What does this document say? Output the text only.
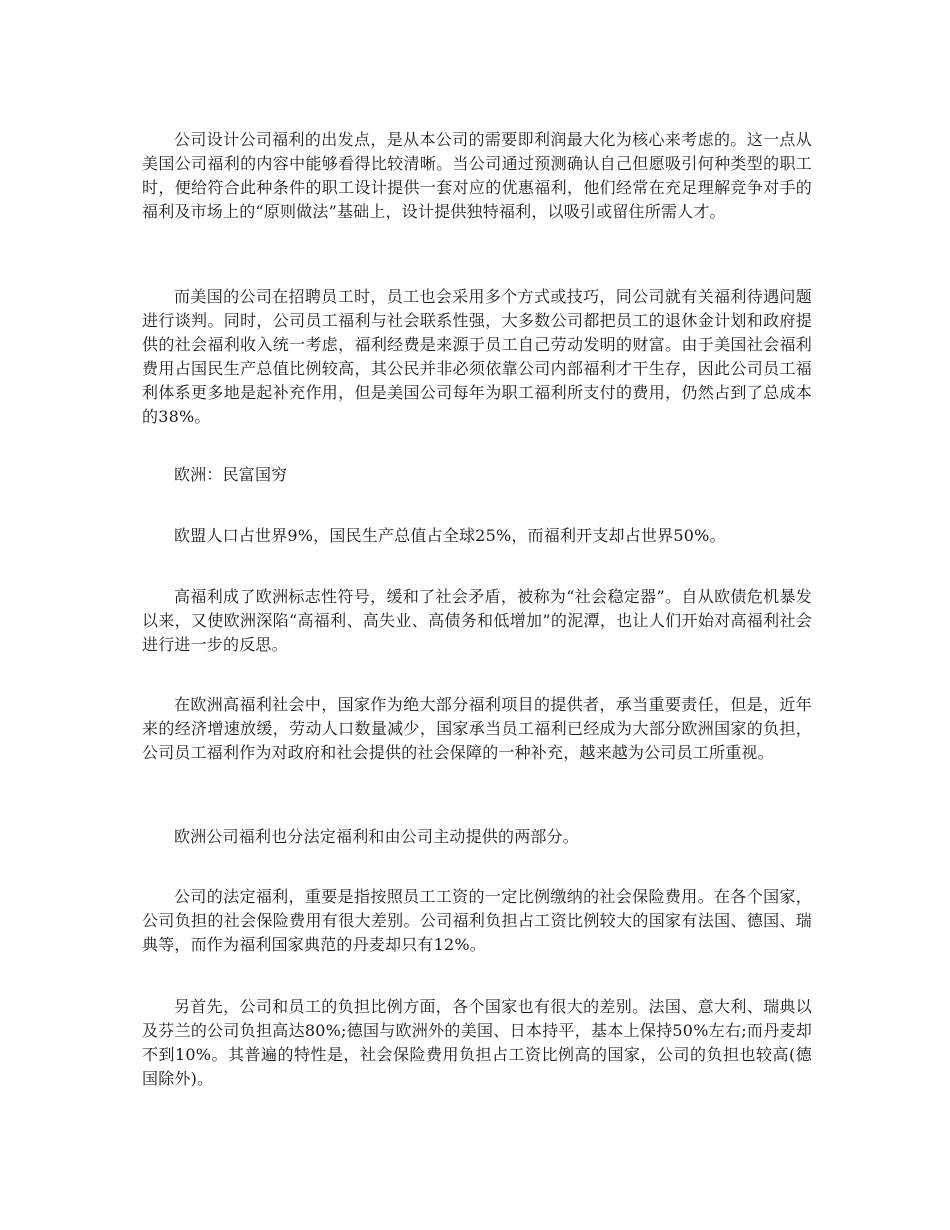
公司设计公司福利的出发点，是从本公司的需要即利润最大化为核心来考虑的。这一点从美国公司福利的内容中能够看得比较清晰。当公司通过预测确认自己但愿吸引何种类型的职工时，便给符合此种条件的职工设计提供一套对应的优惠福利，他们经常在充足理解竞争对手的福利及市场上的“原则做法”基础上，设计提供独特福利，以吸引或留住所需人才。

而美国的公司在招聘员工时，员工也会采用多个方式或技巧，同公司就有关福利待遇问题进行谈判。同时，公司员工福利与社会联系性强，大多数公司都把员工的退休金计划和政府提供的社会福利收入统一考虑，福利经费是来源于员工自己劳动发明的财富。由于美国社会福利费用占国民生产总值比例较高，其公民并非必须依靠公司内部福利才干生存，因此公司员工福利体系更多地是起补充作用，但是美国公司每年为职工福利所支付的费用，仍然占到了总成本的38%。

欧洲：民富国穷

欧盟人口占世界9%，国民生产总值占全球25%，而福利开支却占世界50%。

高福利成了欧洲标志性符号，缓和了社会矛盾，被称为“社会稳定器”。自从欧债危机暴发以来，又使欧洲深陷“高福利、高失业、高债务和低增加”的泥潭，也让人们开始对高福利社会进行进一步的反思。

在欧洲高福利社会中，国家作为绝大部分福利项目的提供者，承当重要责任，但是，近年来的经济增速放缓，劳动人口数量减少，国家承当员工福利已经成为大部分欧洲国家的负担，公司员工福利作为对政府和社会提供的社会保障的一种补充，越来越为公司员工所重视。

欧洲公司福利也分法定福利和由公司主动提供的两部分。

公司的法定福利，重要是指按照员工工资的一定比例缴纳的社会保险费用。在各个国家，公司负担的社会保险费用有很大差别。公司福利负担占工资比例较大的国家有法国、德国、瑞典等，而作为福利国家典范的丹麦却只有12%。

另首先，公司和员工的负担比例方面，各个国家也有很大的差别。法国、意大利、瑞典以及芬兰的公司负担高达80%;德国与欧洲外的美国、日本持平，基本上保持50%左右;而丹麦却不到10%。其普遍的特性是，社会保险费用负担占工资比例高的国家，公司的负担也较高(德国除外)。
